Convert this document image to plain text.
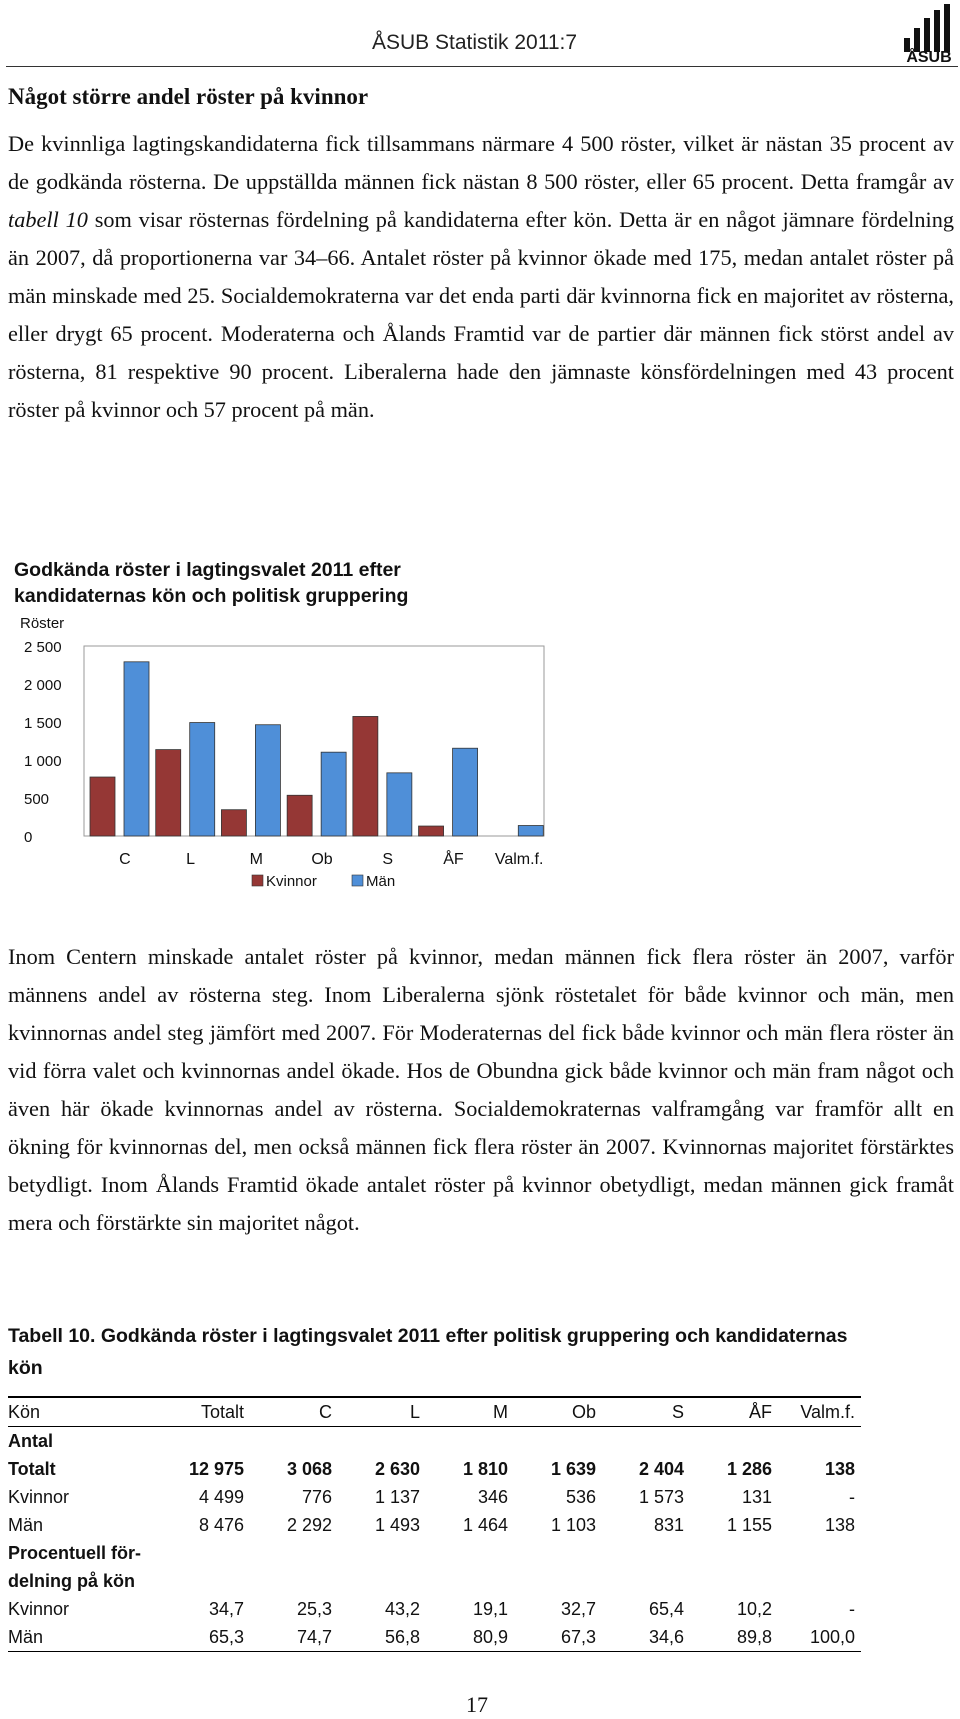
ÅSUB Statistik 2011:7
ÅSUB
Något större andel röster på kvinnor

De kvinnliga lagtingskandidaterna fick tillsammans närmare 4 500 röster, vilket är nästan 35 procent av de godkända rösterna. De uppställda männen fick nästan 8 500 röster, eller 65 procent. Detta framgår av tabell 10 som visar rösternas fördelning på kandidaterna efter kön. Detta är en något jämnare fördelning än 2007, då proportionerna var 34–66. Antalet röster på kvinnor ökade med 175, medan antalet röster på män minskade med 25. Socialdemokraterna var det enda parti där kvinnorna fick en majoritet av rösterna, eller drygt 65 procent. Moderaterna och Ålands Framtid var de partier där männen fick störst andel av rösterna, 81 respektive 90 procent. Liberalerna hade den jämnaste könsfördelningen med 43 procent röster på kvinnor och 57 procent på män.

Godkända röster i lagtingsvalet 2011 efter kandidaternas kön och politisk gruppering
Röster
0
500
1 000
1 500
2 000
2 500
C	L	M	Ob	S	ÅF Valm.f.
Kvinnor	Män

Inom Centern minskade antalet röster på kvinnor, medan männen fick flera röster än 2007, varför männens andel av rösterna steg. Inom Liberalerna sjönk röstetalet för både kvinnor och män, men kvinnornas andel steg jämfört med 2007. För Moderaternas del fick både kvinnor och män flera röster än vid förra valet och kvinnornas andel ökade. Hos de Obundna gick både kvinnor och män fram något och även här ökade kvinnornas andel av rösterna. Socialdemokraternas valframgång var framför allt en ökning för kvinnornas del, men också männen fick flera röster än 2007. Kvinnornas majoritet förstärktes betydligt. Inom Ålands Framtid ökade antalet röster på kvinnor obetydligt, medan männen gick framåt mera och förstärkte sin majoritet något.

Tabell 10. Godkända röster i lagtingsvalet 2011 efter politisk gruppering och kandidaternas kön
Kön	Totalt	C	L	M	Ob	S	ÅF	Valm.f.
Antal								
Totalt	12 975	3 068	2 630	1 810	1 639	2 404	1 286	138
Kvinnor	4 499	776	1 137	346	536	1 573	131	-
Män	8 476	2 292	1 493	1 464	1 103	831	1 155	138

Procentuell för-
delning på kön								

Kvinnor	34,7	25,3	43,2	19,1	32,7	65,4	10,2	-
Män	65,3	74,7	56,8	80,9	67,3	34,6	89,8	100,0
17
